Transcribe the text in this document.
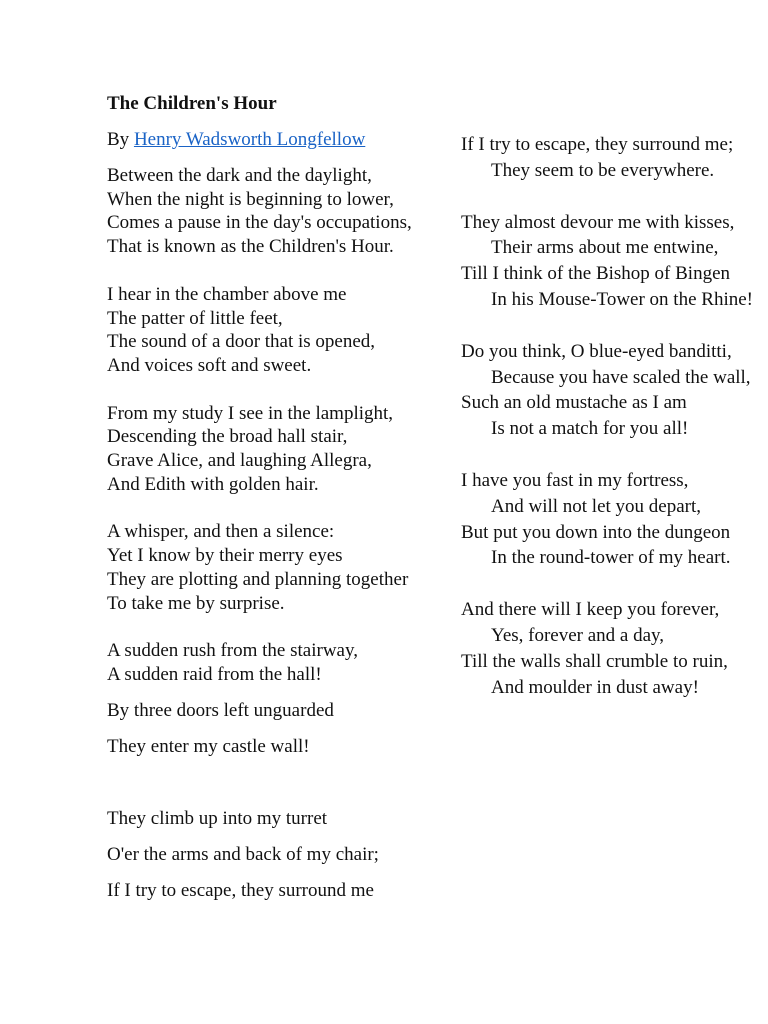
The Children's Hour
By Henry Wadsworth Longfellow
Between the dark and the daylight,
When the night is beginning to lower,
Comes a pause in the day's occupations,
That is known as the Children's Hour.
I hear in the chamber above me
The patter of little feet,
The sound of a door that is opened,
And voices soft and sweet.
From my study I see in the lamplight,
Descending the broad hall stair,
Grave Alice, and laughing Allegra,
And Edith with golden hair.
A whisper, and then a silence:
Yet I know by their merry eyes
They are plotting and planning together
To take me by surprise.
A sudden rush from the stairway,
A sudden raid from the hall!
By three doors left unguarded
They enter my castle wall!
They climb up into my turret
O'er the arms and back of my chair;
If I try to escape, they surround me
If I try to escape, they surround me;
They seem to be everywhere.
They almost devour me with kisses,
Their arms about me entwine,
Till I think of the Bishop of Bingen
In his Mouse-Tower on the Rhine!
Do you think, O blue-eyed banditti,
Because you have scaled the wall,
Such an old mustache as I am
Is not a match for you all!
I have you fast in my fortress,
And will not let you depart,
But put you down into the dungeon
In the round-tower of my heart.
And there will I keep you forever,
Yes, forever and a day,
Till the walls shall crumble to ruin,
And moulder in dust away!
